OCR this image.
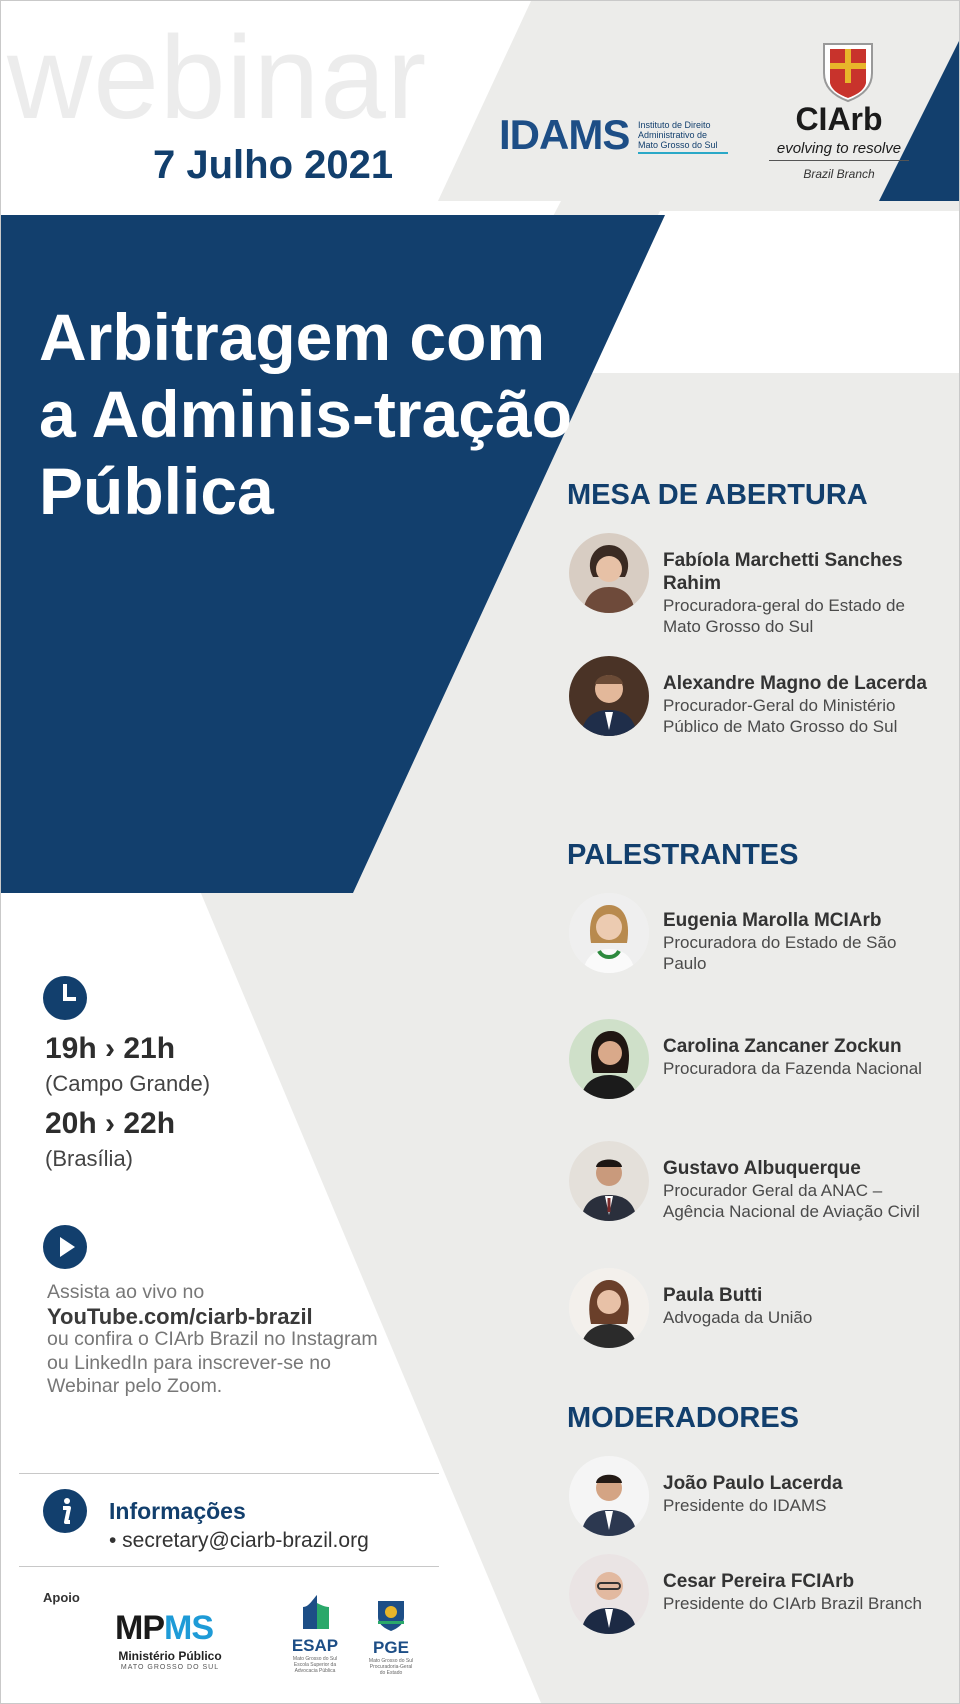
webinar
7 Julho 2021
IDAMS Instituto de Direito Administrativo de Mato Grosso do Sul
CIArb
evolving to resolve
Brazil Branch
Arbitragem com a Adminis-tração Pública	MESA DE ABERTURA
Fabíola Marchetti Sanches Rahim
Procuradora-geral do Estado de Mato Grosso do Sul
Alexandre Magno de Lacerda
Procurador-Geral do Ministério Público de Mato Grosso do Sul
PALESTRANTES
Eugenia Marolla MCIArb
Procuradora do Estado de São Paulo
Carolina Zancaner Zockun
Procuradora da Fazenda Nacional
Gustavo Albuquerque
Procurador Geral da ANAC – Agência Nacional de Aviação Civil
Paula Butti
Advogada da União
MODERADORES
João Paulo Lacerda
Presidente do IDAMS
Cesar Pereira FCIArb
Presidente do CIArb Brazil Branch
19h › 21h
(Campo Grande)
20h › 22h
(Brasília)
Assista ao vivo no
YouTube.com/ciarb-brazil
ou confira o CIArb Brazil no Instagram ou LinkedIn para inscrever-se no Webinar pelo Zoom.
Informações
• secretary@ciarb-brazil.org
Apoio
MPMS
Ministério Público
MATO GROSSO DO SUL
ESAP
Mato Grosso do Sul
Escola Superior da Advocacia Pública
PGE
Mato Grosso do Sul
Procuradoria-Geral do Estado
